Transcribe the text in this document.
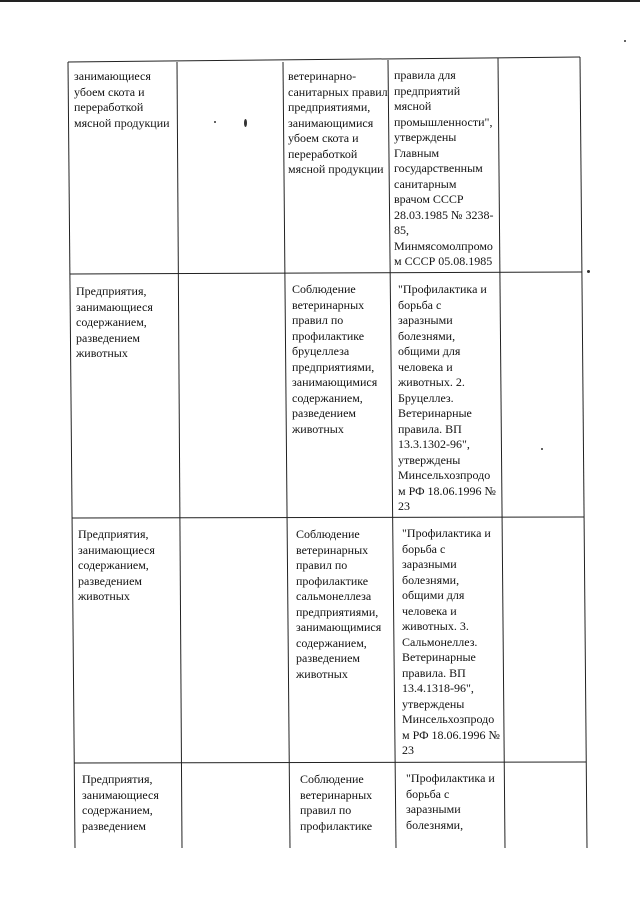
занимающиеся
убоем скота и
переработкой
мясной продукции
ветеринарно-
санитарных правил
предприятиями,
занимающимися
убоем скота и
переработкой
мясной продукции
правила для
предприятий
мясной
промышленности",
утверждены
Главным
государственным
санитарным
врачом СССР
28.03.1985 № 3238-
85,
Минмясомолпромо
м СССР 05.08.1985
Предприятия,
занимающиеся
содержанием,
разведением
животных
Соблюдение
ветеринарных
правил по
профилактике
бруцеллеза
предприятиями,
занимающимися
содержанием,
разведением
животных
"Профилактика и
борьба с
заразными
болезнями,
общими для
человека и
животных. 2.
Бруцеллез.
Ветеринарные
правила. ВП
13.3.1302-96",
утверждены
Минсельхозпродо
м РФ 18.06.1996 №
23
Предприятия,
занимающиеся
содержанием,
разведением
животных
Соблюдение
ветеринарных
правил по
профилактике
сальмонеллеза
предприятиями,
занимающимися
содержанием,
разведением
животных
"Профилактика и
борьба с
заразными
болезнями,
общими для
человека и
животных. 3.
Сальмонеллез.
Ветеринарные
правила. ВП
13.4.1318-96",
утверждены
Минсельхозпродо
м РФ 18.06.1996 №
23
Предприятия,
занимающиеся
содержанием,
разведением
Соблюдение
ветеринарных
правил по
профилактике
"Профилактика и
борьба с
заразными
болезнями,
